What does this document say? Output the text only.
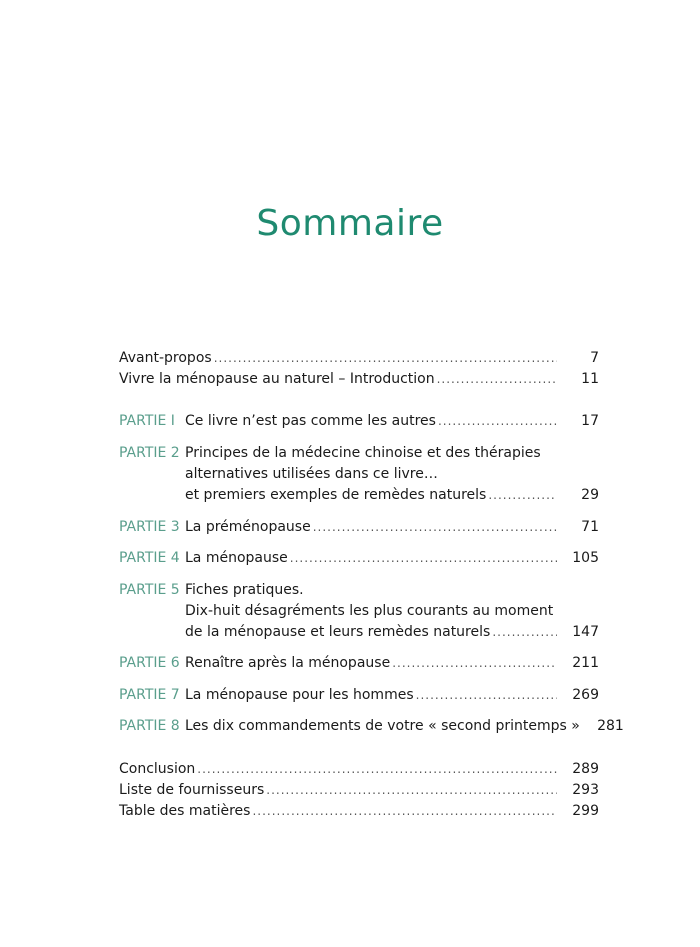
Sommaire
Avant-propos .....	7
Vivre la ménopause au naturel – Introduction .....	11
PARTIE I Ce livre n’est pas comme les autres .....	17
PARTIE 2 Principes de la médecine chinoise et des thérapies
alternatives utilisées dans ce livre…
et premiers exemples de remèdes naturels .....	29
PARTIE 3 La préménopause .....	71
PARTIE 4 La ménopause .....	105
PARTIE 5 Fiches pratiques.
Dix-huit désagréments les plus courants au moment
de la ménopause et leurs remèdes naturels .....	147
PARTIE 6 Renaître après la ménopause .....	211
PARTIE 7 La ménopause pour les hommes .....	269
PARTIE 8 Les dix commandements de votre « second printemps »	281
Conclusion .....	289
Liste de fournisseurs .....	293
Table des matières .....	299
